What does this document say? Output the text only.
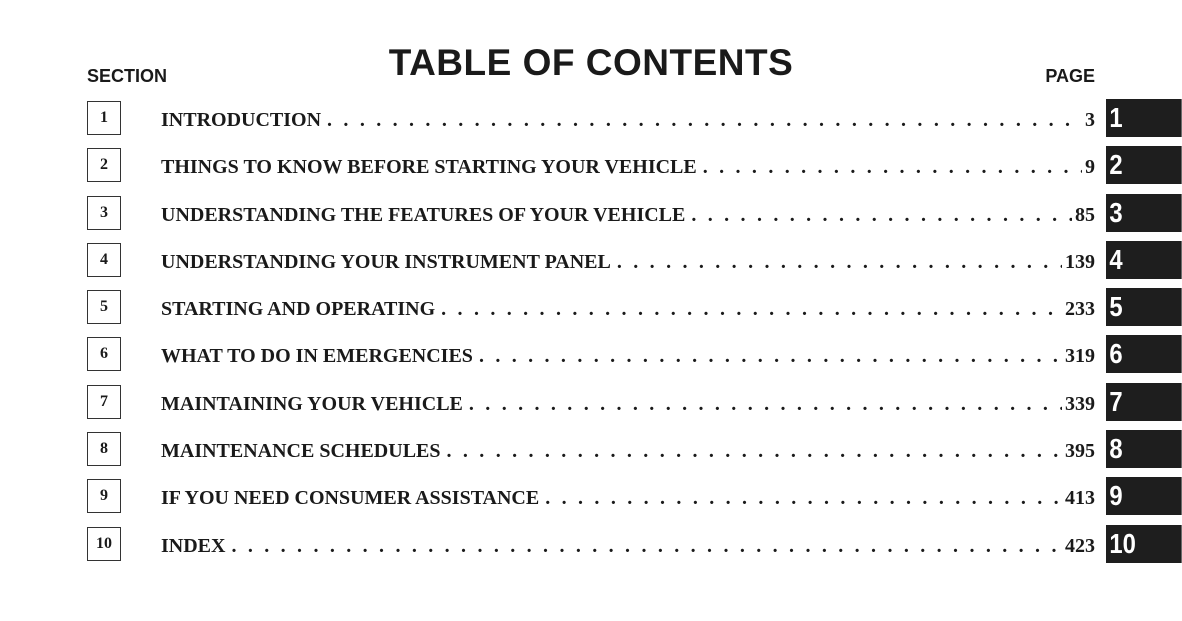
TABLE OF CONTENTS
SECTION	PAGE
1	INTRODUCTION . . .	3 1
2	THINGS TO KNOW BEFORE STARTING YOUR VEHICLE . . .	9 2
3	UNDERSTANDING THE FEATURES OF YOUR VEHICLE . . .	85 3
4	UNDERSTANDING YOUR INSTRUMENT PANEL . . .	139 4
5	STARTING AND OPERATING . . .	233 5
6	WHAT TO DO IN EMERGENCIES . . .	319 6
7	MAINTAINING YOUR VEHICLE . . .	339 7
8	MAINTENANCE SCHEDULES . . .	395 8
9	IF YOU NEED CONSUMER ASSISTANCE . . .	413 9
10	INDEX . . .	423 10
